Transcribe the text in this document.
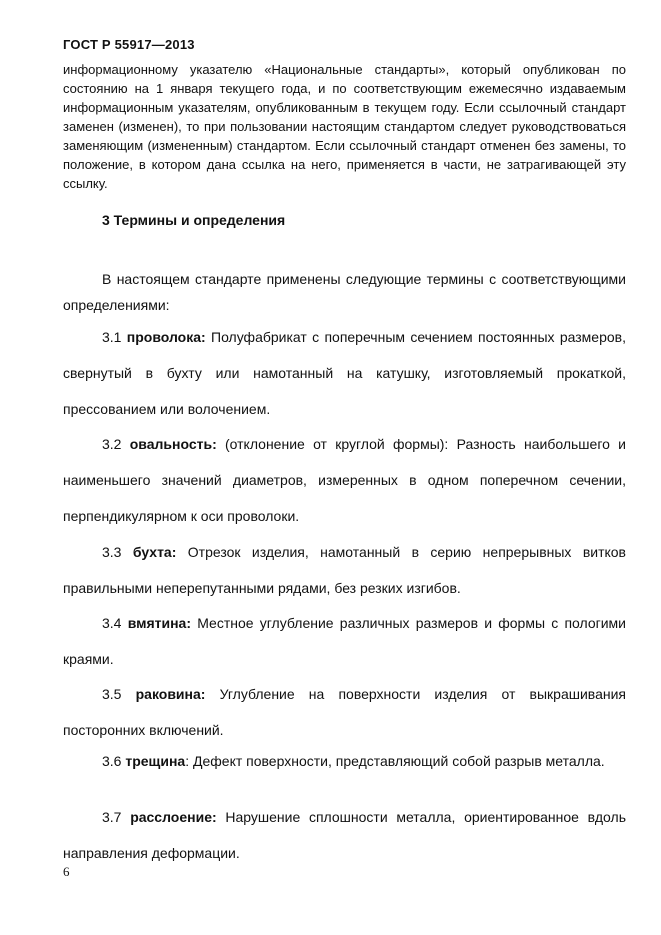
ГОСТ Р 55917—2013

информационному указателю «Национальные стандарты», который опубликован по состоянию на 1 января текущего года, и по соответствующим ежемесячно издаваемым информационным указателям, опубликованным в текущем году. Если ссылочный стандарт заменен (изменен), то при пользовании настоящим стандартом следует руководствоваться заменяющим (измененным) стандартом. Если ссылочный стандарт отменен без замены, то положение, в котором дана ссылка на него, применяется в части, не затрагивающей эту ссылку.

3 Термины и определения

В настоящем стандарте применены следующие термины с соответствующими определениями:

3.1 проволока: Полуфабрикат с поперечным сечением постоянных размеров, свернутый в бухту или намотанный на катушку, изготовляемый прокаткой, прессованием или волочением.

3.2 овальность: (отклонение от круглой формы): Разность наибольшего и наименьшего значений диаметров, измеренных в одном поперечном сечении, перпендикулярном к оси проволоки.

3.3 бухта: Отрезок изделия, намотанный в серию непрерывных витков правильными неперепутанными рядами, без резких изгибов.

3.4 вмятина: Местное углубление различных размеров и формы с пологими краями.

3.5 раковина: Углубление на поверхности изделия от выкрашивания посторонних включений.

3.6 трещина: Дефект поверхности, представляющий собой разрыв металла.

3.7 расслоение: Нарушение сплошности металла, ориентированное вдоль направления деформации.

6
